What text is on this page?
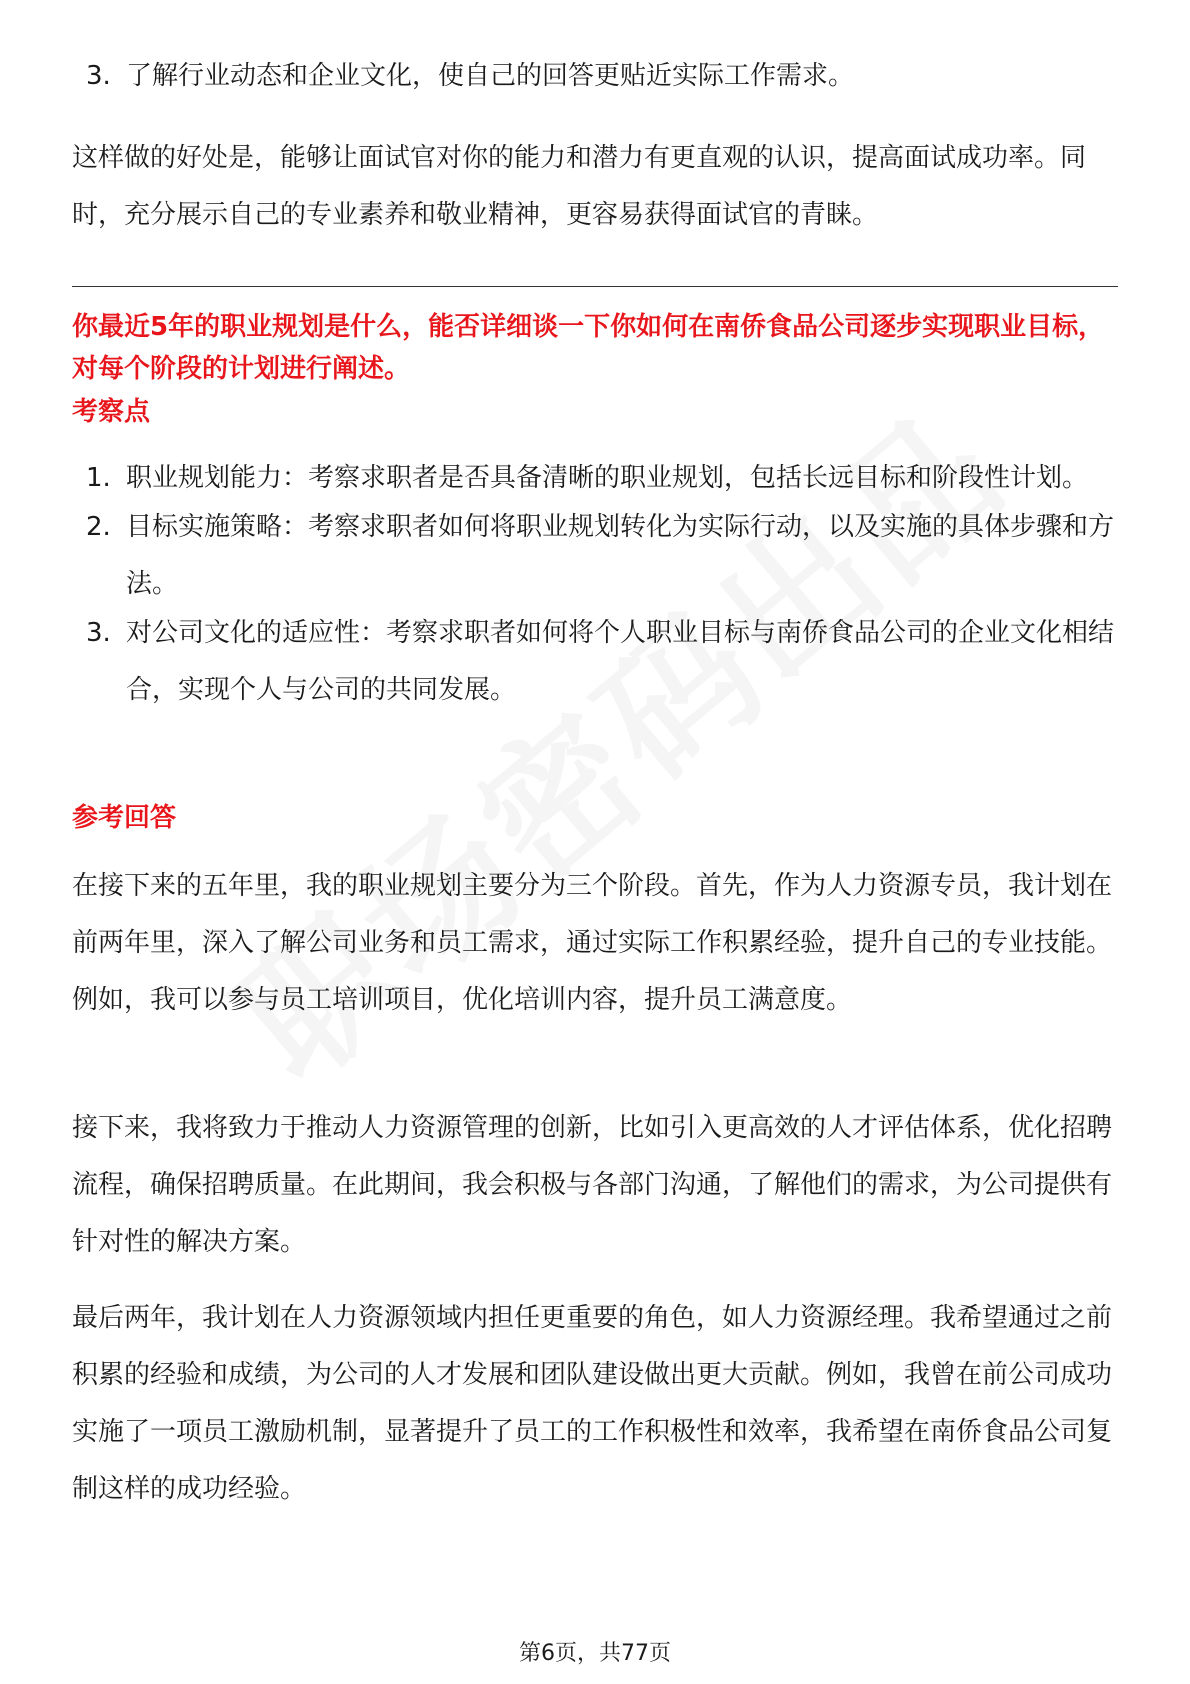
3. 了解行业动态和企业文化，使自己的回答更贴近实际工作需求。

这样做的好处是，能够让面试官对你的能力和潜力有更直观的认识，提高面试成功率。同时，充分展示自己的专业素养和敬业精神，更容易获得面试官的青睐。

你最近5年的职业规划是什么，能否详细谈一下你如何在南侨食品公司逐步实现职业目标，对每个阶段的计划进行阐述。

考察点

1. 职业规划能力：考察求职者是否具备清晰的职业规划，包括长远目标和阶段性计划。
2. 目标实施策略：考察求职者如何将职业规划转化为实际行动，以及实施的具体步骤和方法。
3. 对公司文化的适应性：考察求职者如何将个人职业目标与南侨食品公司的企业文化相结合，实现个人与公司的共同发展。

参考回答

在接下来的五年里，我的职业规划主要分为三个阶段。首先，作为人力资源专员，我计划在前两年里，深入了解公司业务和员工需求，通过实际工作积累经验，提升自己的专业技能。例如，我可以参与员工培训项目，优化培训内容，提升员工满意度。

接下来，我将致力于推动人力资源管理的创新，比如引入更高效的人才评估体系，优化招聘流程，确保招聘质量。在此期间，我会积极与各部门沟通，了解他们的需求，为公司提供有针对性的解决方案。

最后两年，我计划在人力资源领域内担任更重要的角色，如人力资源经理。我希望通过之前积累的经验和成绩，为公司的人才发展和团队建设做出更大贡献。例如，我曾在前公司成功实施了一项员工激励机制，显著提升了员工的工作积极性和效率，我希望在南侨食品公司复制这样的成功经验。

第6页，共77页
